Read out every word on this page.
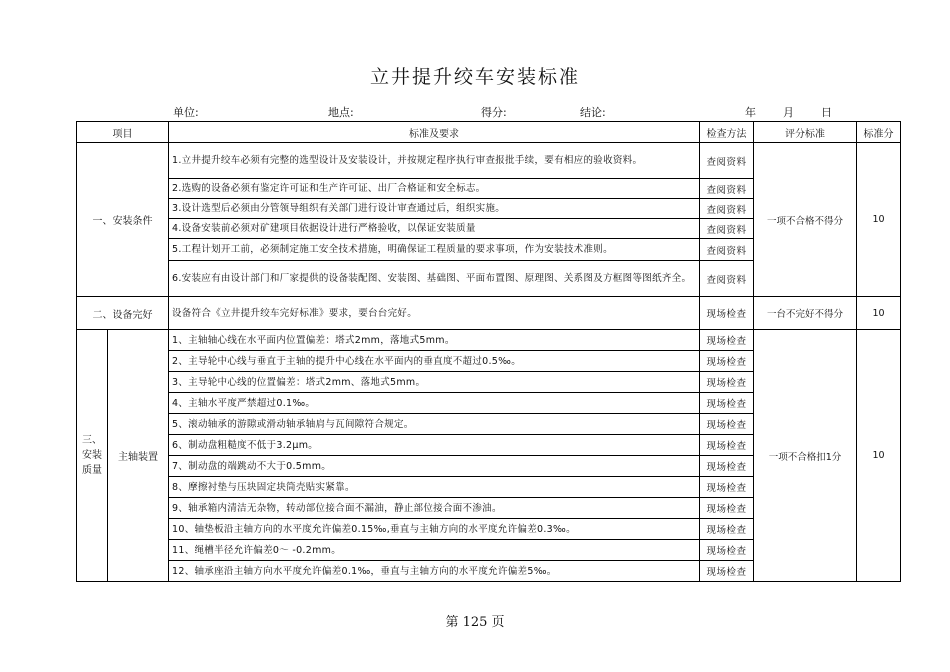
立井提升绞车安装标准
单位:	地点:	得分:	结论:	年 月 日
项目		标准及要求	检查方法	评分标准	标准分
一、安装条件		1.立井提升绞车必须有完整的选型设计及安装设计，并按规定程序执行审查报批手续，要有相应的验收资料。	查阅资料	一项不合格不得分	10
		2.选购的设备必须有鉴定许可证和生产许可证、出厂合格证和安全标志。	查阅资料		
		3.设计选型后必须由分管领导组织有关部门进行设计审查通过后，组织实施。	查阅资料		
		4.设备安装前必须对矿建项目依据设计进行严格验收，以保证安装质量	查阅资料		
		5.工程计划开工前，必须制定施工安全技术措施，明确保证工程质量的要求事项，作为安装技术准则。	查阅资料		
		6.安装应有由设计部门和厂家提供的设备装配图、安装图、基础图、平面布置图、原理图、关系图及方框图等图纸齐全。	查阅资料		
二、设备完好		设备符合《立井提升绞车完好标准》要求，要台台完好。	现场检查	一台不完好不得分	10

三、安装质量	主轴装置	1、主轴轴心线在水平面内位置偏差：塔式2mm，落地式5mm。	现场检查	一项不合格扣1分	10
		2、主导轮中心线与垂直于主轴的提升中心线在水平面内的垂直度不超过0.5‰。	现场检查		
		3、主导轮中心线的位置偏差：塔式2mm、落地式5mm。	现场检查		
		4、主轴水平度严禁超过0.1‰。	现场检查		
		5、滚动轴承的游隙或滑动轴承轴肩与瓦间隙符合规定。	现场检查		
		6、制动盘粗糙度不低于3.2μm。	现场检查		
		7、制动盘的端跳动不大于0.5mm。	现场检查		
		8、摩擦衬垫与压块固定块筒壳贴实紧靠。	现场检查		
		9、轴承箱内清洁无杂物，转动部位接合面不漏油，静止部位接合面不渗油。	现场检查		
		10、轴垫板沿主轴方向的水平度允许偏差0.15‰,垂直与主轴方向的水平度允许偏差0.3‰。	现场检查		
		11、绳槽半径允许偏差0～ -0.2mm。	现场检查		
		12、轴承座沿主轴方向水平度允许偏差0.1‰，垂直与主轴方向的水平度允许偏差5‰。	现场检查		
第 125 页
